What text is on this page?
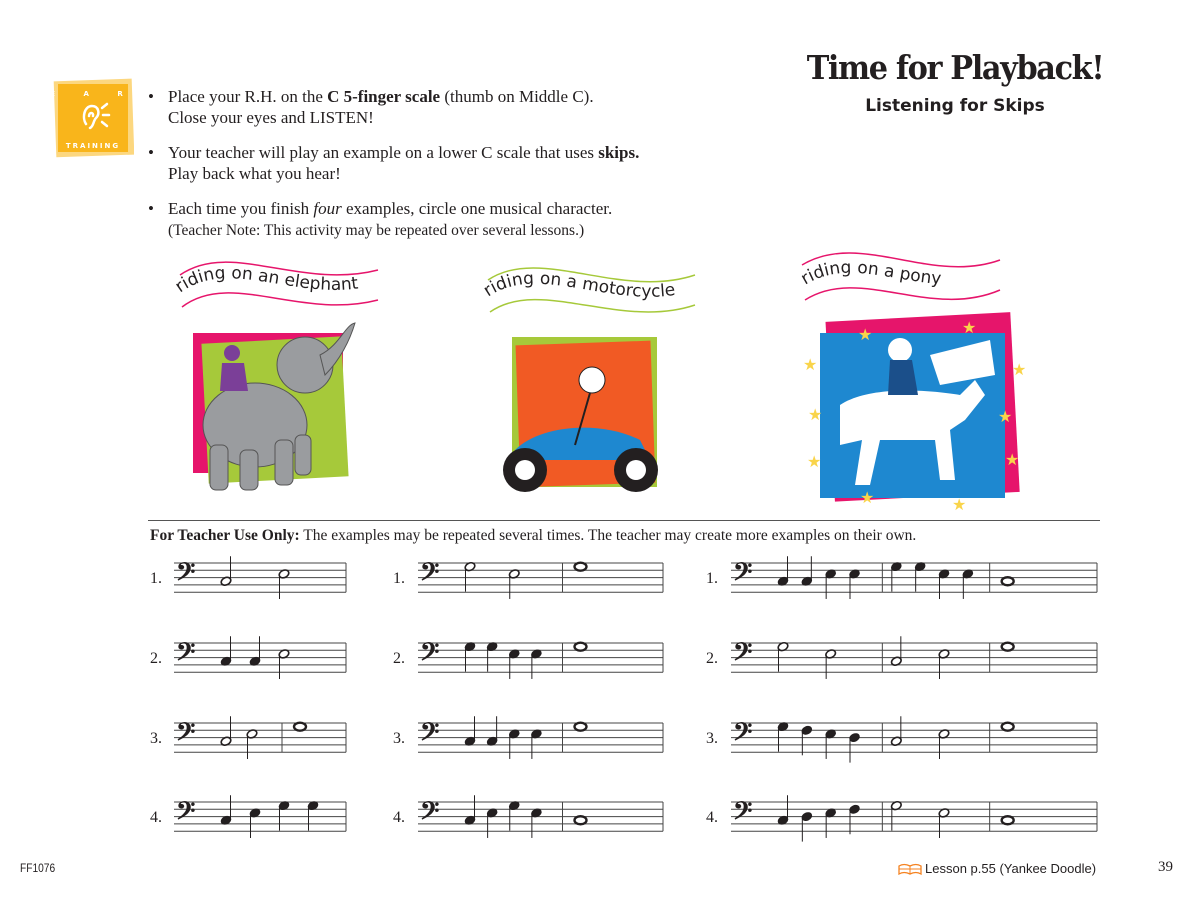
E A R
TRAINING
Time for Playback!
Listening for Skips
• Place your R.H. on the C 5-finger scale (thumb on Middle C).
Close your eyes and LISTEN!
• Your teacher will play an example on a lower C scale that uses skips.
Play back what you hear!
• Each time you finish four examples, circle one musical character.
(Teacher Note: This activity may be repeated over several lessons.)
riding on an elephant	riding on a motorcycle
riding on a pony
★	★
★	★
★	★
★	★
★	★
For Teacher Use Only: The examples may be repeated several times. The teacher may create more examples on their own.
1. 𝄢
2. 𝄢
3. 𝄢
4. 𝄢
1. 𝄢
2. 𝄢
3. 𝄢
4. 𝄢
1. 𝄢
2. 𝄢
3. 𝄢
4. 𝄢
FF1076	Lesson p.55 (Yankee Doodle)	39
